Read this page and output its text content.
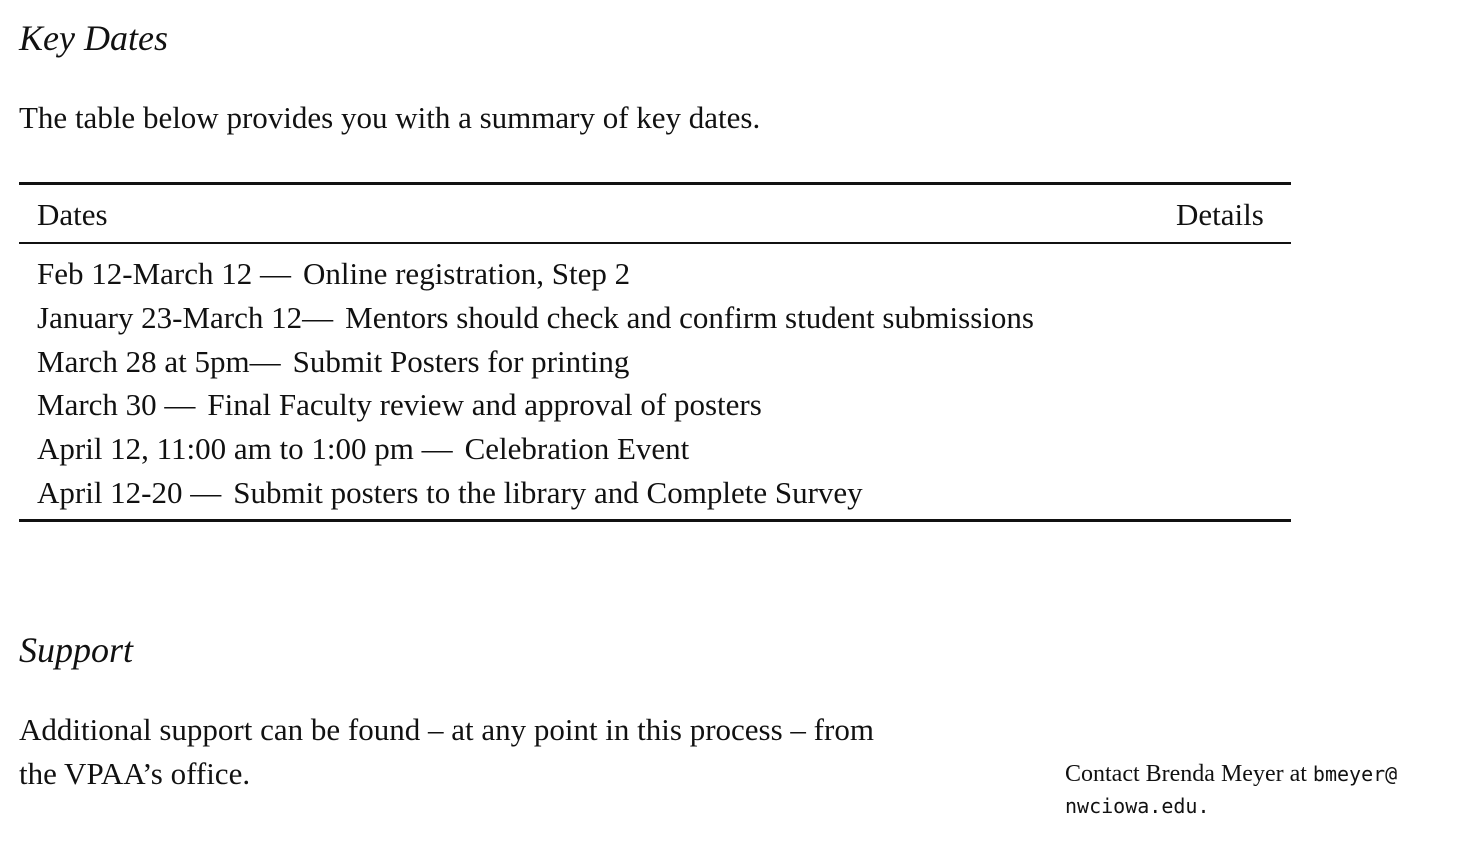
Key Dates

The table below provides you with a summary of key dates.

Dates	Details
Feb 12-March 12 — Online registration, Step 2
January 23-March 12— Mentors should check and confirm student submissions
March 28 at 5pm— Submit Posters for printing
March 30 — Final Faculty review and approval of posters
April 12, 11:00 am to 1:00 pm — Celebration Event
April 12-20 — Submit posters to the library and Complete Survey
Support

Additional support can be found – at any point in this process – from
the VPAA’s office.	Contact Brenda Meyer at bmeyer@
nwciowa.edu.
